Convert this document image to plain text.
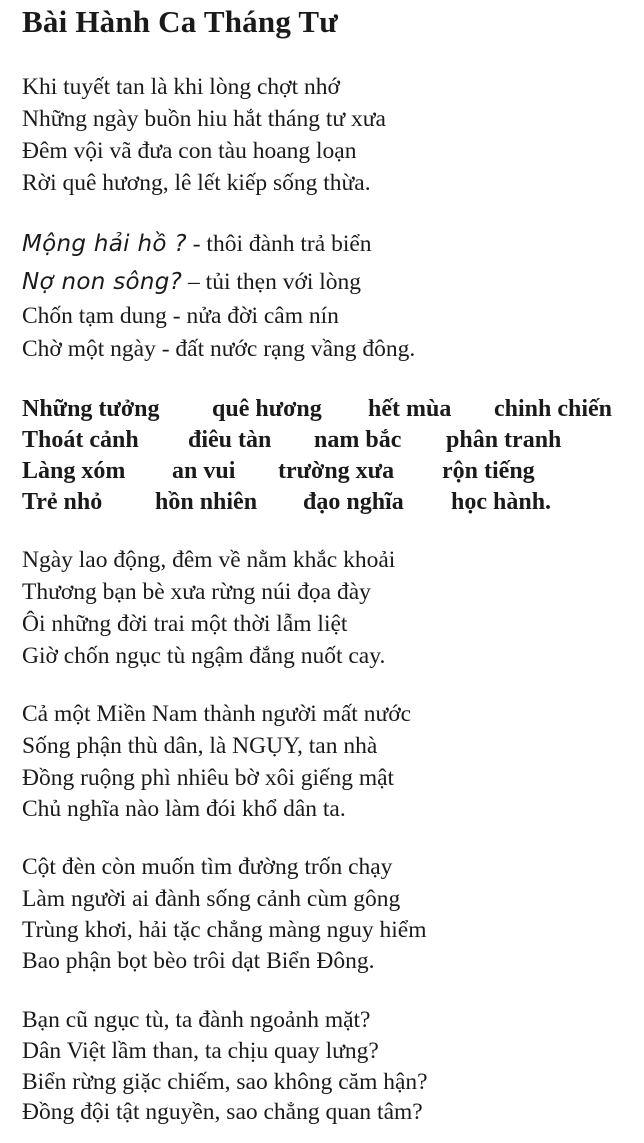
Bài Hành Ca Tháng Tư
Khi tuyết tan là khi lòng chợt nhớ
Những ngày buồn hiu hắt tháng tư xưa
Đêm vội vã đưa con tàu hoang loạn
Rời quê hương, lê lết kiếp sống thừa.
Mộng hải hồ ? - thôi đành trả biển
Nợ non sông? – tủi thẹn với lòng
Chốn tạm dung - nửa đời câm nín
Chờ một ngày - đất nước rạng vầng đông.
Những tưởng quê hương hết mùa chinh chiến
Thoát cảnh điêu tàn nam bắc phân tranh
Làng xóm an vui trường xưa rộn tiếng
Trẻ nhỏ hồn nhiên đạo nghĩa học hành.
Ngày lao động, đêm về nằm khắc khoải
Thương bạn bè xưa rừng núi đọa đày
Ôi những đời trai một thời lẫm liệt
Giờ chốn ngục tù ngậm đắng nuốt cay.
Cả một Miền Nam thành người mất nước
Sống phận thù dân, là NGỤY, tan nhà
Đồng ruộng phì nhiêu bờ xôi giếng mật
Chủ nghĩa nào làm đói khổ dân ta.
Cột đèn còn muốn tìm đường trốn chạy
Làm người ai đành sống cảnh cùm gông
Trùng khơi, hải tặc chẳng màng nguy hiểm
Bao phận bọt bèo trôi dạt Biển Đông.
Bạn cũ ngục tù, ta đành ngoảnh mặt?
Dân Việt lầm than, ta chịu quay lưng?
Biển rừng giặc chiếm, sao không căm hận?
Đồng đội tật nguyền, sao chẳng quan tâm?
